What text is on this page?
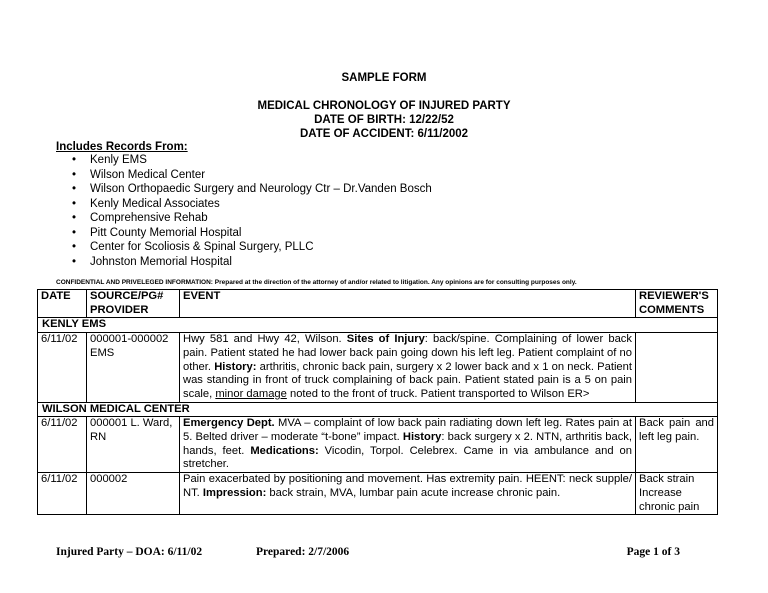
SAMPLE FORM
MEDICAL CHRONOLOGY OF INJURED PARTY
DATE OF BIRTH: 12/22/52
DATE OF ACCIDENT: 6/11/2002
Includes Records From:
• Kenly EMS
• Wilson Medical Center
• Wilson Orthopaedic Surgery and Neurology Ctr – Dr.Vanden Bosch
• Kenly Medical Associates
• Comprehensive Rehab
• Pitt County Memorial Hospital
• Center for Scoliosis & Spinal Surgery, PLLC
• Johnston Memorial Hospital
CONFIDENTIAL AND PRIVELEGED INFORMATION: Prepared at the direction of the attorney of and/or related to litigation. Any opinions are for consulting purposes only.
DATE	SOURCE/PG# PROVIDER	EVENT	REVIEWER'S COMMENTS
KENLY EMS			
6/11/02	000001-000002 EMS	Hwy 581 and Hwy 42, Wilson. Sites of Injury: back/spine. Complaining of lower back pain. Patient stated he had lower back pain going down his left leg. Patient complaint of no other. History: arthritis, chronic back pain, surgery x 2 lower back and x 1 on neck. Patient was standing in front of truck complaining of back pain. Patient stated pain is a 5 on pain scale, minor damage noted to the front of truck. Patient transported to Wilson ER>	
WILSON MEDICAL CENTER			
6/11/02	000001 L. Ward, RN	Emergency Dept. MVA – complaint of low back pain radiating down left leg. Rates pain at 5. Belted driver – moderate “t-bone” impact. History: back surgery x 2. NTN, arthritis back, hands, feet. Medications: Vicodin, Torpol. Celebrex. Came in via ambulance and on stretcher.	Back pain and left leg pain.
6/11/02	000002	Pain exacerbated by positioning and movement. Has extremity pain. HEENT: neck supple/ NT. Impression: back strain, MVA, lumbar pain acute increase chronic pain.	Back strain Increase chronic pain
Injured Party – DOA: 6/11/02	Prepared: 2/7/2006	Page 1 of 3
